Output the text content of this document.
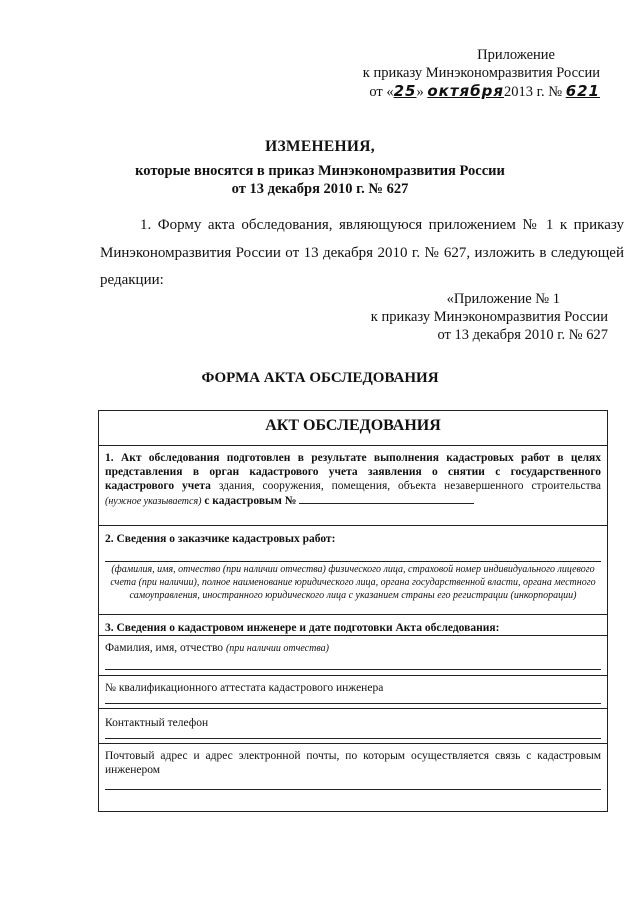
Приложение
к приказу Минэкономразвития России
от «25» октября2013 г. № 621
ИЗМЕНЕНИЯ,
которые вносятся в приказ Минэкономразвития России
от 13 декабря 2010 г. № 627
1. Форму акта обследования, являющуюся приложением № 1 к приказу Минэкономразвития России от 13 декабря 2010 г. № 627, изложить в следующей редакции:
«Приложение № 1
к приказу Минэкономразвития России
от 13 декабря 2010 г. № 627
ФОРМА АКТА ОБСЛЕДОВАНИЯ
АКТ ОБСЛЕДОВАНИЯ
1. Акт обследования подготовлен в результате выполнения кадастровых работ в целях представления в орган кадастрового учета заявления о снятии с государственного кадастрового учета здания, сооружения, помещения, объекта незавершенного строительства (нужное указывается) с кадастровым №
2. Сведения о заказчике кадастровых работ:
(фамилия, имя, отчество (при наличии отчества) физического лица, страховой номер индивидуального лицевого счета (при наличии), полное наименование юридического лица, органа государственной власти, органа местного самоуправления, иностранного юридического лица с указанием страны его регистрации (инкорпорации)
3. Сведения о кадастровом инженере и дате подготовки Акта обследования:
Фамилия, имя, отчество (при наличии отчества)
№ квалификационного аттестата кадастрового инженера
Контактный телефон
Почтовый адрес и адрес электронной почты, по которым осуществляется связь с кадастровым инженером
